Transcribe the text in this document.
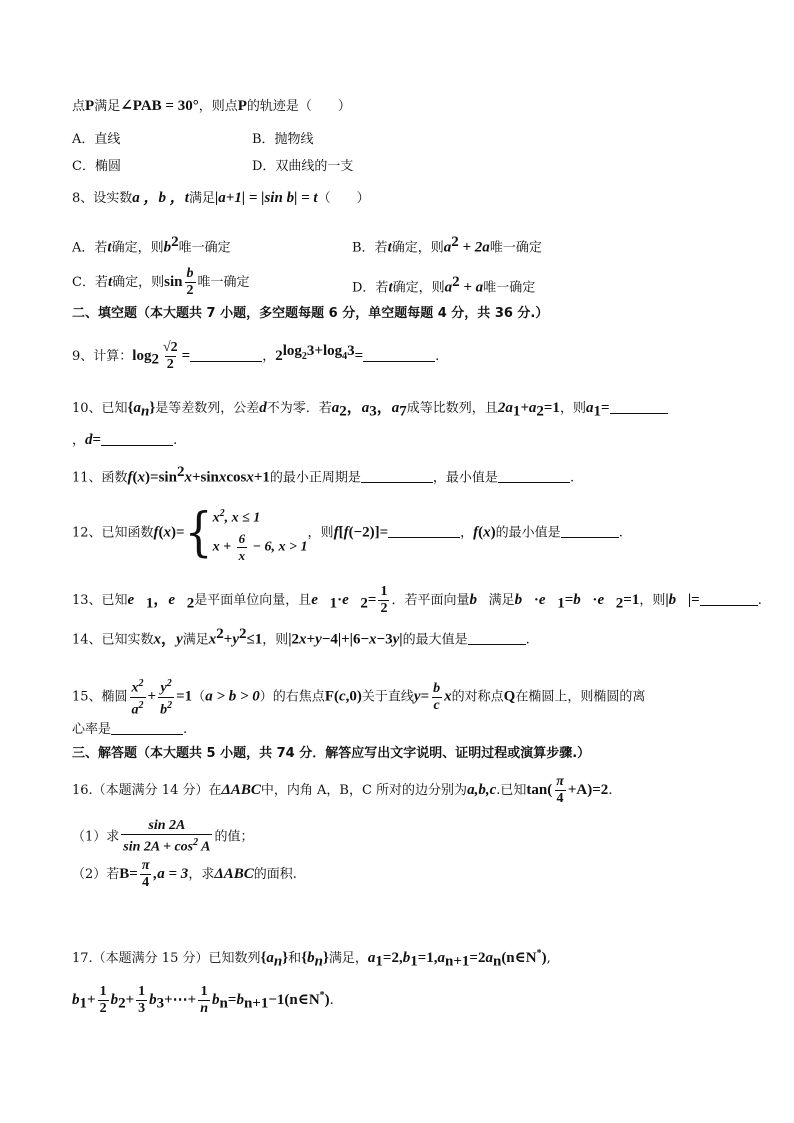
点P满足∠PAB = 30°，则点P的轨迹是（　　）
A．直线	B．抛物线
C．椭圆	D．双曲线的一支
8、设实数a ，b ，t满足|a+1| = |sin b| = t（　　）
A．若t确定，则$b^2$唯一确定	B．若t确定，则$a^2 + 2a$唯一确定
C．若t确定，则$\sin \frac{b}{2}$ 唯一确定	D．若t确定，则$a^2 + a$唯一确定
二、填空题（本大题共 7 小题，多空题每题 6 分，单空题每题 4 分，共 36 分.）
9、计算：$\log_2 \frac{√2}{2}$ =	，$2^{log_23+log_43}=$	.
10、已知$\{a_n\}$是等差数列，公差d不为零．若$a_2$，$a_3$，$a_7$成等比数列，且$2a_1+a_2=1$，则$a_1=$
，d=	.
11、函数$f(x)=\sin^2x+sinxcosx+1$的最小正周期是	，最小值是	.
12、已知函数f(x)= { $x^2$, x ≤ 1
$x + \frac{6}{x} - 6$, x > 1
，则f[f(−2)]=	，f(x)的最小值是	.
13、已知$e⃗_1$，$e⃗_2$是平面单位向量，且$e⃗_1\cdot e⃗_2= \frac{1}{2}$ ．若平面向量b⃗满足$b⃗\cdot e⃗_1=b⃗\cdot e⃗_2=1$，则|b⃗|=	.
14、已知实数x，y满足$x^2+y^2\le 1$，则|2x+y−4|+|6−x−3y|的最大值是	.
15、椭圆 $\frac{x^2}{a^2} + \frac{y^2}{b^2} =1(a > b > 0)$的右焦点F(c,0)关于直线$y= \frac{b}{c}$ x的对称点Q在椭圆上，则椭圆的离
心率是	.
三、解答题（本大题共 5 小题，共 74 分．解答应写出文字说明、证明过程或演算步骤.）
16.（本题满分 14 分）在ΔABC中，内角 A，B，C 所对的边分别为a,b,c.已知$\tan( \frac{\pi}{4} +A)=2$.
（1）求 $\frac{\sin 2A}{\sin 2A + \cos^2 A}$ 的值；
（2）若$B= \frac{\pi}{4} ,a = 3$，求ΔABC的面积.
17.（本题满分 15 分）已知数列$\{a_n\}$和$\{b_n\}$满足，$a_1=2,b_1=1,a_{n+1}=2a_n(n\in N^*)$,
$b_1+ \frac{1}{2} b_2+ \frac{1}{3}$ $b_3+\cdots+ \frac{1}{n}$ $b_n=b_{n+1}-1(n\in N^*)$.
